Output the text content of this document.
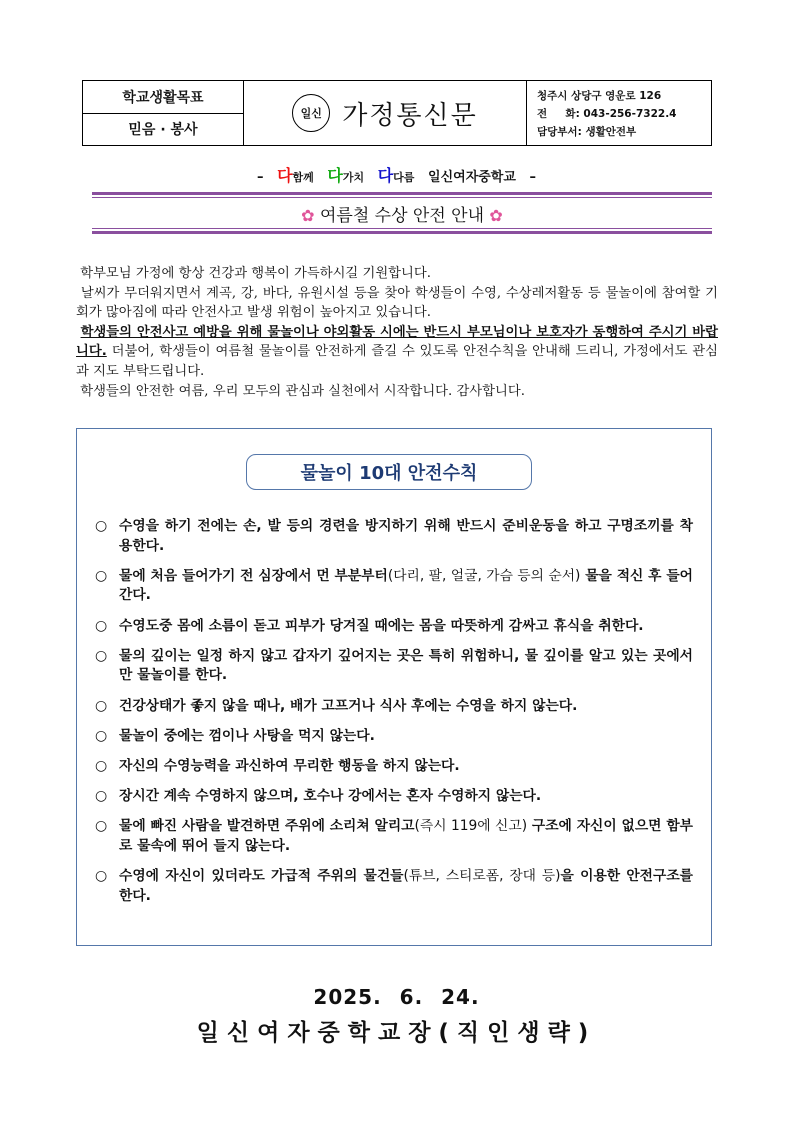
학교생활목표
믿음 · 봉사
일신 가정통신문
청주시 상당구 영운로 126
전     화: 043-256-7322.4
담당부서: 생활안전부
– 다함께 다가치 다다름 일신여자중학교 –
✿ 여름철 수상 안전 안내 ✿

학부모님 가정에 항상 건강과 행복이 가득하시길 기원합니다.

날씨가 무더워지면서 계곡, 강, 바다, 유원시설 등을 찾아 학생들이 수영, 수상레저활동 등 물놀이에 참여할 기회가 많아짐에 따라 안전사고 발생 위험이 높아지고 있습니다.

학생들의 안전사고 예방을 위해 물놀이나 야외활동 시에는 반드시 부모님이나 보호자가 동행하여 주시기 바랍니다. 더불어, 학생들이 여름철 물놀이를 안전하게 즐길 수 있도록 안전수칙을 안내해 드리니, 가정에서도 관심과 지도 부탁드립니다.

학생들의 안전한 여름, 우리 모두의 관심과 실천에서 시작합니다. 감사합니다.

물놀이 10대 안전수칙
○ 수영을 하기 전에는 손, 발 등의 경련을 방지하기 위해 반드시 준비운동을 하고 구명조끼를 착용한다.
○ 물에 처음 들어가기 전 심장에서 먼 부분부터(다리, 팔, 얼굴, 가슴 등의 순서) 물을 적신 후 들어간다.
○ 수영도중 몸에 소름이 돋고 피부가 당겨질 때에는 몸을 따뜻하게 감싸고 휴식을 취한다.
○ 물의 깊이는 일정 하지 않고 갑자기 깊어지는 곳은 특히 위험하니, 물 깊이를 알고 있는 곳에서만 물놀이를 한다.
○ 건강상태가 좋지 않을 때나, 배가 고프거나 식사 후에는 수영을 하지 않는다.
○ 물놀이 중에는 껌이나 사탕을 먹지 않는다.
○ 자신의 수영능력을 과신하여 무리한 행동을 하지 않는다.
○ 장시간 계속 수영하지 않으며, 호수나 강에서는 혼자 수영하지 않는다.
○ 물에 빠진 사람을 발견하면 주위에 소리쳐 알리고(즉시 119에 신고) 구조에 자신이 없으면 함부로 물속에 뛰어 들지 않는다.
○ 수영에 자신이 있더라도 가급적 주위의 물건들(튜브, 스티로폼, 장대 등)을 이용한 안전구조를 한다.
2025. 6. 24.
일신여자중학교장(직인생략)
